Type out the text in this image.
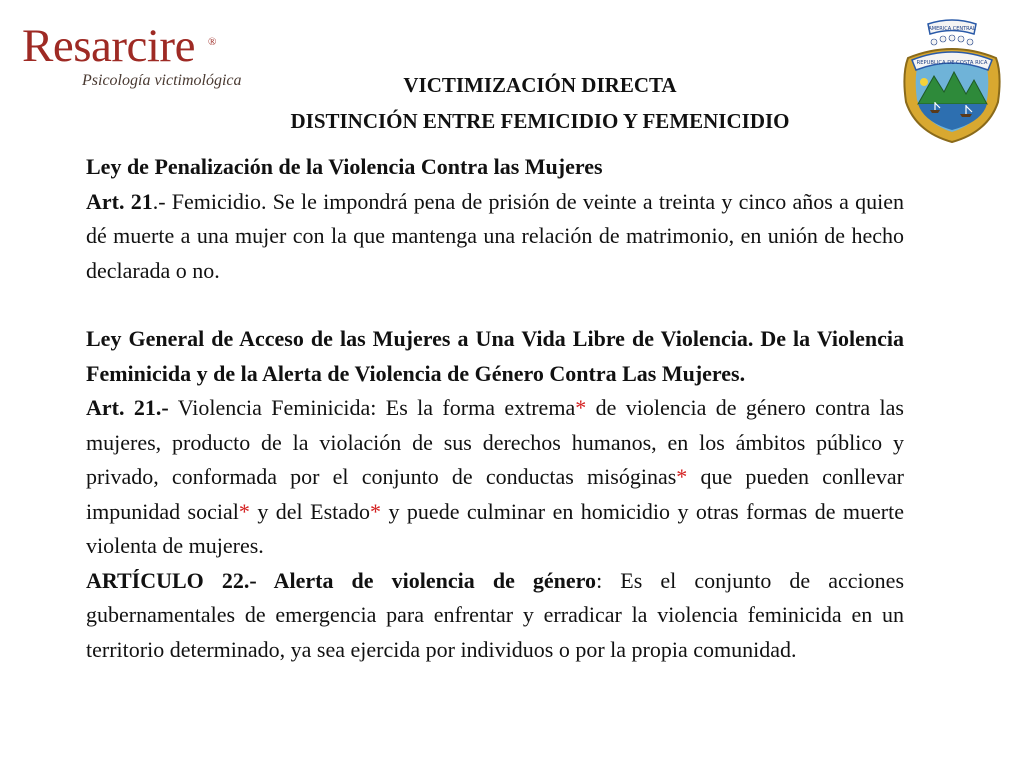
Resarcire ®
Psicología victimológica
AMERICA CENTRAL
REPUBLICA DE COSTA RICA
VICTIMIZACIÓN DIRECTA
DISTINCIÓN ENTRE FEMICIDIO Y FEMENICIDIO

Ley de Penalización de la Violencia Contra las Mujeres

Art. 21.- Femicidio. Se le impondrá pena de prisión de veinte a treinta y cinco años a quien dé muerte a una mujer con la que mantenga una relación de matrimonio, en unión de hecho declarada o no.

Ley General de Acceso de las Mujeres a Una Vida Libre de Violencia. De la Violencia Feminicida y de la Alerta de Violencia de Género Contra Las Mujeres.

Art. 21.- Violencia Feminicida: Es la forma extrema* de violencia de género contra las mujeres, producto de la violación de sus derechos humanos, en los ámbitos público y privado, conformada por el conjunto de conductas misóginas* que pueden conllevar impunidad social* y del Estado* y puede culminar en homicidio y otras formas de muerte violenta de mujeres.

ARTÍCULO 22.- Alerta de violencia de género: Es el conjunto de acciones gubernamentales de emergencia para enfrentar y erradicar la violencia feminicida en un territorio determinado, ya sea ejercida por individuos o por la propia comunidad.
